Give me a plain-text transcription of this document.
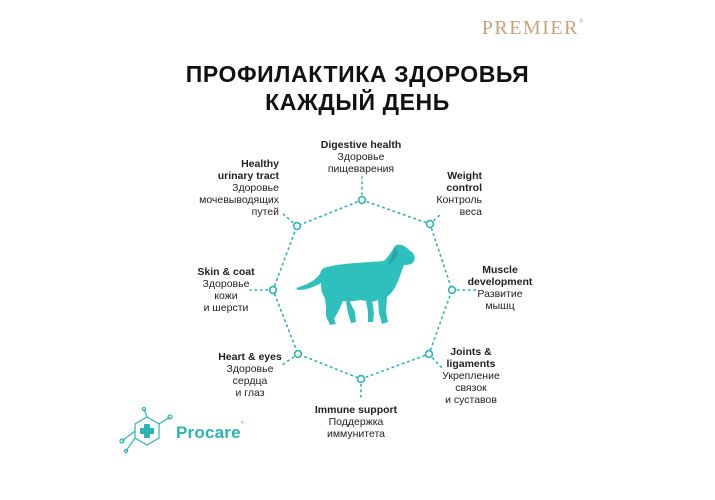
PREMIER®
ПРОФИЛАКТИКА ЗДОРОВЬЯ
КАЖДЫЙ ДЕНЬ
Digestive health
Здоровье
пищеварения
Weight
control
Контроль
веса
Muscle
development
Развитие
мышц
Joints &
ligaments
Укрепление
связок
и суставов
Immune support
Поддержка
иммунитета
Heart & eyes
Здоровье
сердца
и глаз
Skin & coat
Здоровье
кожи
и шерсти
Healthy
urinary tract
Здоровье
мочевыводящих
путей
Procare°
